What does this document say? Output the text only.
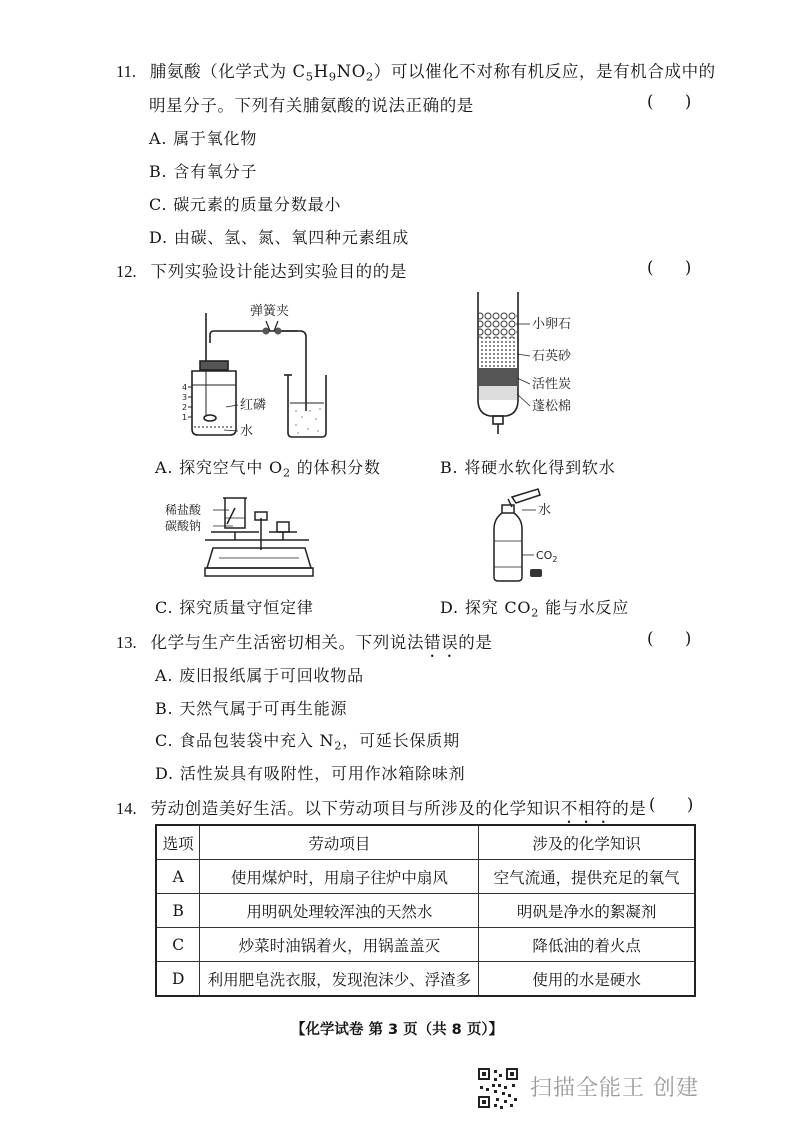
11. 脯氨酸（化学式为 $C_5H_9NO_2$）可以催化不对称有机反应，是有机合成中的
明星分子。下列有关脯氨酸的说法正确的是	(      )
A. 属于氧化物
B. 含有氧分子
C. 碳元素的质量分数最小
D. 由碳、氢、氮、氧四种元素组成
12. 下列实验设计能达到实验目的的是	(      )
弹簧夹
红磷
水
4
3
2
1
小卵石
石英砂
活性炭
蓬松棉
A. 探究空气中 $O_2$ 的体积分数	B. 将硬水软化得到软水
稀盐酸
碳酸钠
水
$CO_2$
C. 探究质量守恒定律	D. 探究 $CO_2$ 能与水反应
13. 化学与生产生活密切相关。下列说法错误的是	(      )
A. 废旧报纸属于可回收物品
B. 天然气属于可再生能源
C. 食品包装袋中充入 $N_2$，可延长保质期
D. 活性炭具有吸附性，可用作冰箱除味剂
14. 劳动创造美好生活。以下劳动项目与所涉及的化学知识不相符的是 (      )
选项	劳动项目	涉及的化学知识
A	使用煤炉时，用扇子往炉中扇风	空气流通，提供充足的氧气
B	用明矾处理较浑浊的天然水	明矾是净水的絮凝剂
C	炒菜时油锅着火，用锅盖盖灭	降低油的着火点
D	利用肥皂洗衣服，发现泡沫少、浮渣多	使用的水是硬水
【化学试卷 第 3 页（共 8 页）】
扫描全能王 创建
